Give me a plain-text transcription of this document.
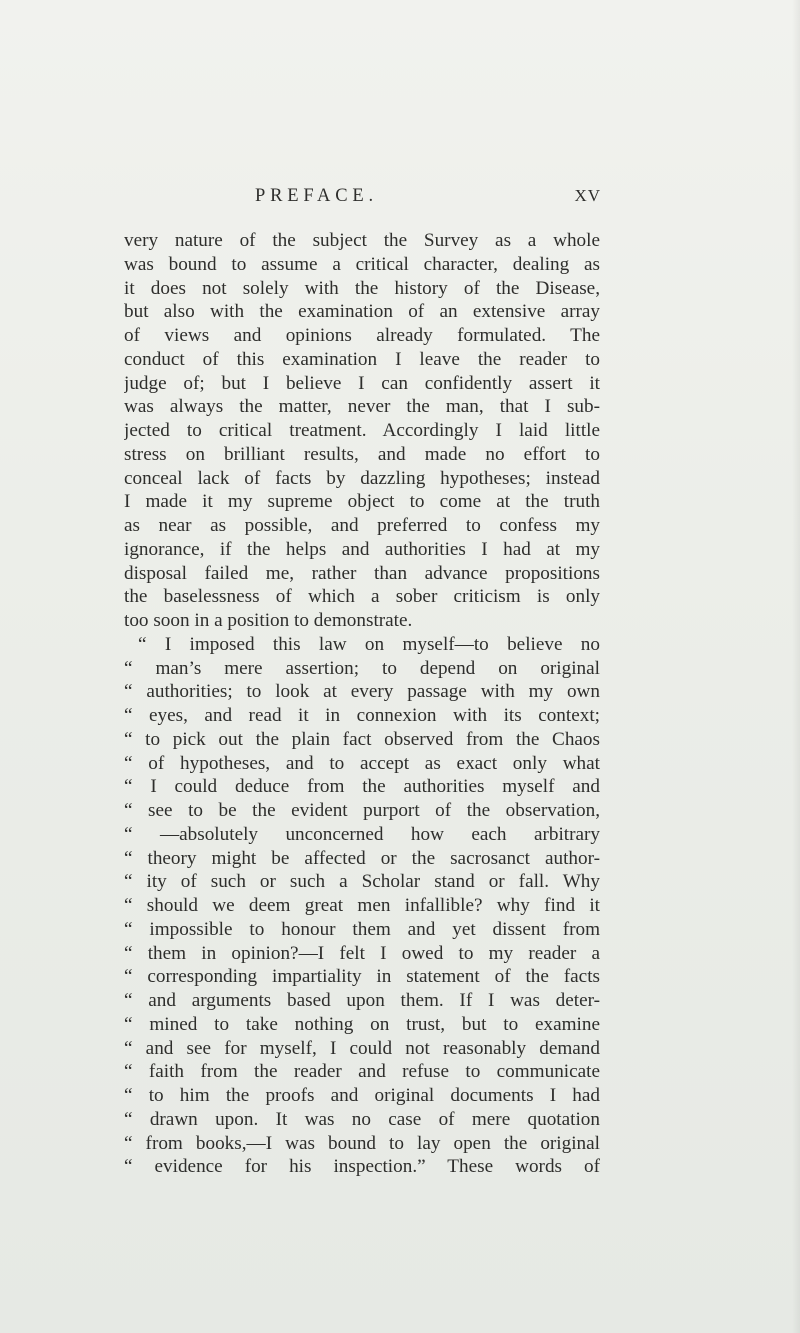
PREFACE.	XV
very nature of the subject the Survey as a whole
was bound to assume a critical character, dealing as
it does not solely with the history of the Disease,
but also with the examination of an extensive array
of views and opinions already formulated. The
conduct of this examination I leave the reader to
judge of; but I believe I can confidently assert it
was always the matter, never the man, that I sub-
jected to critical treatment. Accordingly I laid little
stress on brilliant results, and made no effort to
conceal lack of facts by dazzling hypotheses; instead
I made it my supreme object to come at the truth
as near as possible, and preferred to confess my
ignorance, if the helps and authorities I had at my
disposal failed me, rather than advance propositions
the baselessness of which a sober criticism is only
too soon in a position to demonstrate.
“ I imposed this law on myself—to believe no
“ man’s mere assertion; to depend on original
“ authorities; to look at every passage with my own
“ eyes, and read it in connexion with its context;
“ to pick out the plain fact observed from the Chaos
“ of hypotheses, and to accept as exact only what
“ I could deduce from the authorities myself and
“ see to be the evident purport of the observation,
“ —absolutely unconcerned how each arbitrary
“ theory might be affected or the sacrosanct author-
“ ity of such or such a Scholar stand or fall. Why
“ should we deem great men infallible? why find it
“ impossible to honour them and yet dissent from
“ them in opinion?—I felt I owed to my reader a
“ corresponding impartiality in statement of the facts
“ and arguments based upon them. If I was deter-
“ mined to take nothing on trust, but to examine
“ and see for myself, I could not reasonably demand
“ faith from the reader and refuse to communicate
“ to him the proofs and original documents I had
“ drawn upon. It was no case of mere quotation
“ from books,—I was bound to lay open the original
“ evidence for his inspection.” These words of
